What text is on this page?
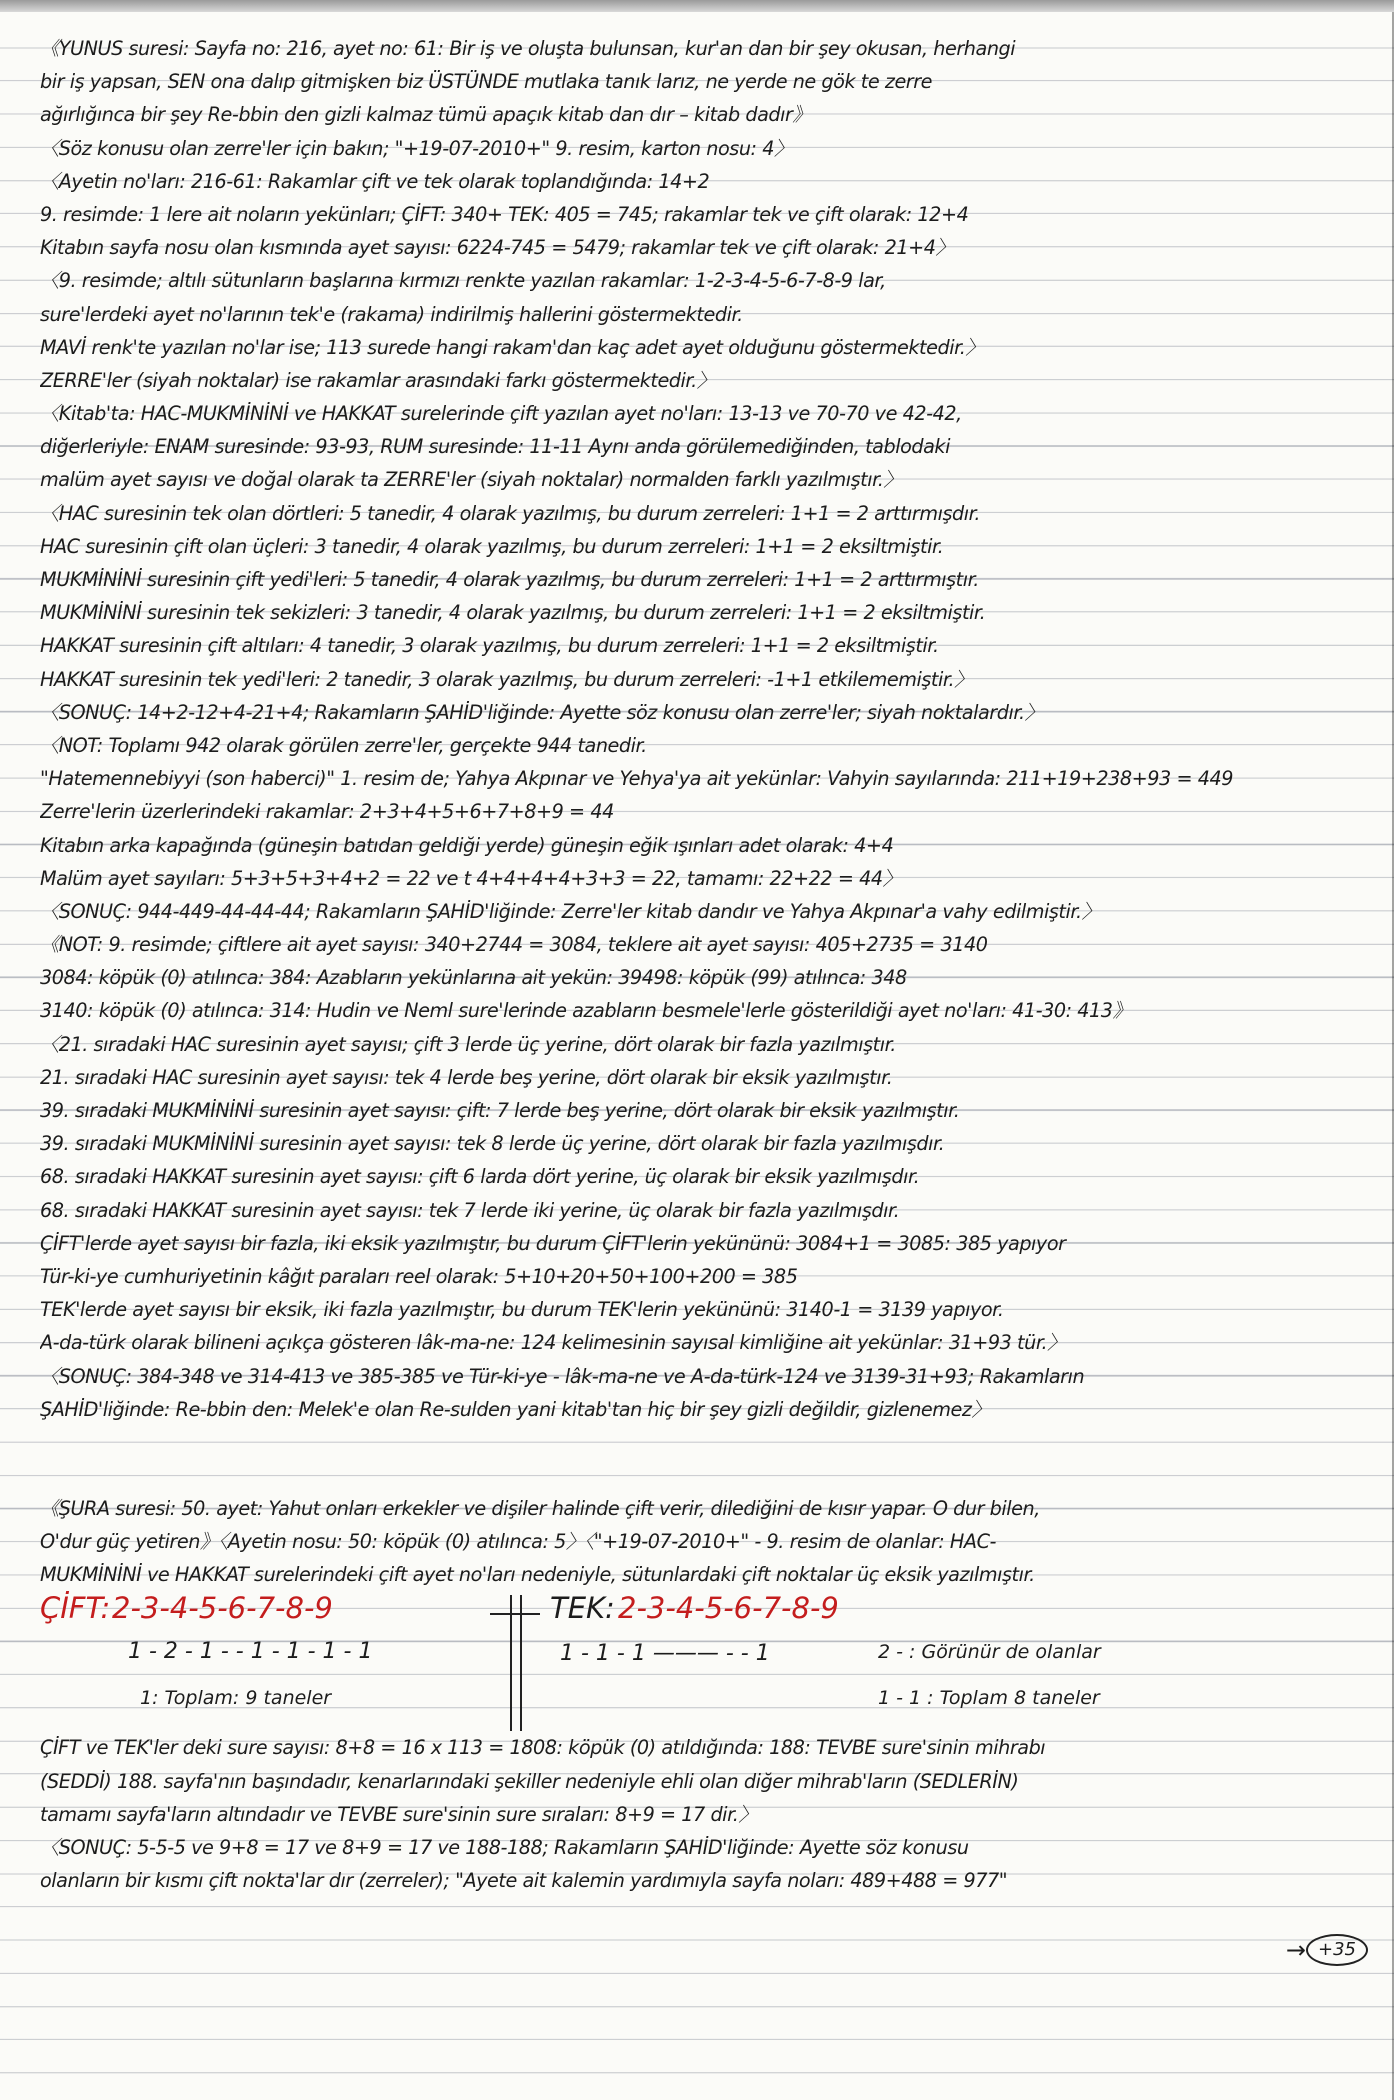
《YUNUS suresi: Sayfa no: 216, ayet no: 61: Bir iş ve oluşta bulunsan, kur'an dan bir şey okusan, herhangi
bir iş yapsan, SEN ona dalıp gitmişken biz ÜSTÜNDE mutlaka tanık larız, ne yerde ne gök te zerre
ağırlığınca bir şey Re-bbin den gizli kalmaz tümü apaçık kitab dan dır – kitab dadır》
〈Söz konusu olan zerre'ler için bakın; "+19-07-2010+" 9. resim, karton nosu: 4〉
〈Ayetin no'ları: 216-61: Rakamlar çift ve tek olarak toplandığında: 14+2
9. resimde: 1 lere ait noların yekünları; ÇİFT: 340+ TEK: 405 = 745; rakamlar tek ve çift olarak: 12+4
Kitabın sayfa nosu olan kısmında ayet sayısı: 6224-745 = 5479; rakamlar tek ve çift olarak: 21+4〉
〈9. resimde; altılı sütunların başlarına kırmızı renkte yazılan rakamlar: 1-2-3-4-5-6-7-8-9 lar,
sure'lerdeki ayet no'larının tek'e (rakama) indirilmiş hallerini göstermektedir.
MAVİ renk'te yazılan no'lar ise; 113 surede hangi rakam'dan kaç adet ayet olduğunu göstermektedir.〉
ZERRE'ler (siyah noktalar) ise rakamlar arasındaki farkı göstermektedir.〉
〈Kitab'ta: HAC-MUKMİNİNİ ve HAKKAT surelerinde çift yazılan ayet no'ları: 13-13 ve 70-70 ve 42-42,
diğerleriyle: ENAM suresinde: 93-93, RUM suresinde: 11-11 Aynı anda görülemediğinden, tablodaki
malüm ayet sayısı ve doğal olarak ta ZERRE'ler (siyah noktalar) normalden farklı yazılmıştır.〉
〈HAC suresinin tek olan dörtleri: 5 tanedir, 4 olarak yazılmış, bu durum zerreleri: 1+1 = 2 arttırmışdır.
HAC suresinin çift olan üçleri: 3 tanedir, 4 olarak yazılmış, bu durum zerreleri: 1+1 = 2 eksiltmiştir.
MUKMİNİNİ suresinin çift yedi'leri: 5 tanedir, 4 olarak yazılmış, bu durum zerreleri: 1+1 = 2 arttırmıştır.
MUKMİNİNİ suresinin tek sekizleri: 3 tanedir, 4 olarak yazılmış, bu durum zerreleri: 1+1 = 2 eksiltmiştir.
HAKKAT suresinin çift altıları: 4 tanedir, 3 olarak yazılmış, bu durum zerreleri: 1+1 = 2 eksiltmiştir.
HAKKAT suresinin tek yedi'leri: 2 tanedir, 3 olarak yazılmış, bu durum zerreleri: -1+1 etkilememiştir.〉
〈SONUÇ: 14+2-12+4-21+4; Rakamların ŞAHİD'liğinde: Ayette söz konusu olan zerre'ler; siyah noktalardır.〉
〈NOT: Toplamı 942 olarak görülen zerre'ler, gerçekte 944 tanedir.
"Hatemennebiyyi (son haberci)" 1. resim de; Yahya Akpınar ve Yehya'ya ait yekünlar: Vahyin sayılarında: 211+19+238+93 = 449
Zerre'lerin üzerlerindeki rakamlar: 2+3+4+5+6+7+8+9 = 44
Kitabın arka kapağında (güneşin batıdan geldiği yerde) güneşin eğik ışınları adet olarak: 4+4
Malüm ayet sayıları: 5+3+5+3+4+2 = 22 ve t 4+4+4+4+3+3 = 22, tamamı: 22+22 = 44〉
〈SONUÇ: 944-449-44-44-44; Rakamların ŞAHİD'liğinde: Zerre'ler kitab dandır ve Yahya Akpınar'a vahy edilmiştir.〉
《NOT: 9. resimde; çiftlere ait ayet sayısı: 340+2744 = 3084, teklere ait ayet sayısı: 405+2735 = 3140
3084: köpük (0) atılınca: 384: Azabların yekünlarına ait yekün: 39498: köpük (99) atılınca: 348
3140: köpük (0) atılınca: 314: Hudin ve Neml sure'lerinde azabların besmele'lerle gösterildiği ayet no'ları: 41-30: 413》
〈21. sıradaki HAC suresinin ayet sayısı; çift 3 lerde üç yerine, dört olarak bir fazla yazılmıştır.
21. sıradaki HAC suresinin ayet sayısı: tek 4 lerde beş yerine, dört olarak bir eksik yazılmıştır.
39. sıradaki MUKMİNİNİ suresinin ayet sayısı: çift: 7 lerde beş yerine, dört olarak bir eksik yazılmıştır.
39. sıradaki MUKMİNİNİ suresinin ayet sayısı: tek 8 lerde üç yerine, dört olarak bir fazla yazılmışdır.
68. sıradaki HAKKAT suresinin ayet sayısı: çift 6 larda dört yerine, üç olarak bir eksik yazılmışdır.
68. sıradaki HAKKAT suresinin ayet sayısı: tek 7 lerde iki yerine, üç olarak bir fazla yazılmışdır.
ÇİFT'lerde ayet sayısı bir fazla, iki eksik yazılmıştır, bu durum ÇİFT'lerin yekününü: 3084+1 = 3085: 385 yapıyor
Tür-ki-ye cumhuriyetinin kâğıt paraları reel olarak: 5+10+20+50+100+200 = 385
TEK'lerde ayet sayısı bir eksik, iki fazla yazılmıştır, bu durum TEK'lerin yekününü: 3140-1 = 3139 yapıyor.
A-da-türk olarak bilineni açıkça gösteren lâk-ma-ne: 124 kelimesinin sayısal kimliğine ait yekünlar: 31+93 tür.〉
〈SONUÇ: 384-348 ve 314-413 ve 385-385 ve Tür-ki-ye - lâk-ma-ne ve A-da-türk-124 ve 3139-31+93; Rakamların
ŞAHİD'liğinde: Re-bbin den: Melek'e olan Re-sulden yani kitab'tan hiç bir şey gizli değildir, gizlenemez〉
《ŞURA suresi: 50. ayet: Yahut onları erkekler ve dişiler halinde çift verir, dilediğini de kısır yapar. O dur bilen,
O'dur güç yetiren》〈Ayetin nosu: 50: köpük (0) atılınca: 5〉〈"+19-07-2010+" - 9. resim de olanlar: HAC-
MUKMİNİNİ ve HAKKAT surelerindeki çift ayet no'ları nedeniyle, sütunlardaki çift noktalar üç eksik yazılmıştır.
ÇİFT: 2-3-4-5-6-7-8-9
1 - 2 - 1 - - 1 - 1 - 1 - 1
1: Toplam: 9 taneler
TEK: 2-3-4-5-6-7-8-9
1 - 1 - 1 ——— - - 1	2 - : Görünür de olanlar
1 - 1 : Toplam 8 taneler
ÇİFT ve TEK'ler deki sure sayısı: 8+8 = 16 x 113 = 1808: köpük (0) atıldığında: 188: TEVBE sure'sinin mihrabı
(SEDDİ) 188. sayfa'nın başındadır, kenarlarındaki şekiller nedeniyle ehli olan diğer mihrab'ların (SEDLERİN)
tamamı sayfa'ların altındadır ve TEVBE sure'sinin sure sıraları: 8+9 = 17 dir.〉
〈SONUÇ: 5-5-5 ve 9+8 = 17 ve 8+9 = 17 ve 188-188; Rakamların ŞAHİD'liğinde: Ayette söz konusu
olanların bir kısmı çift nokta'lar dır (zerreler); "Ayete ait kalemin yardımıyla sayfa noları: 489+488 = 977"
→ +35
